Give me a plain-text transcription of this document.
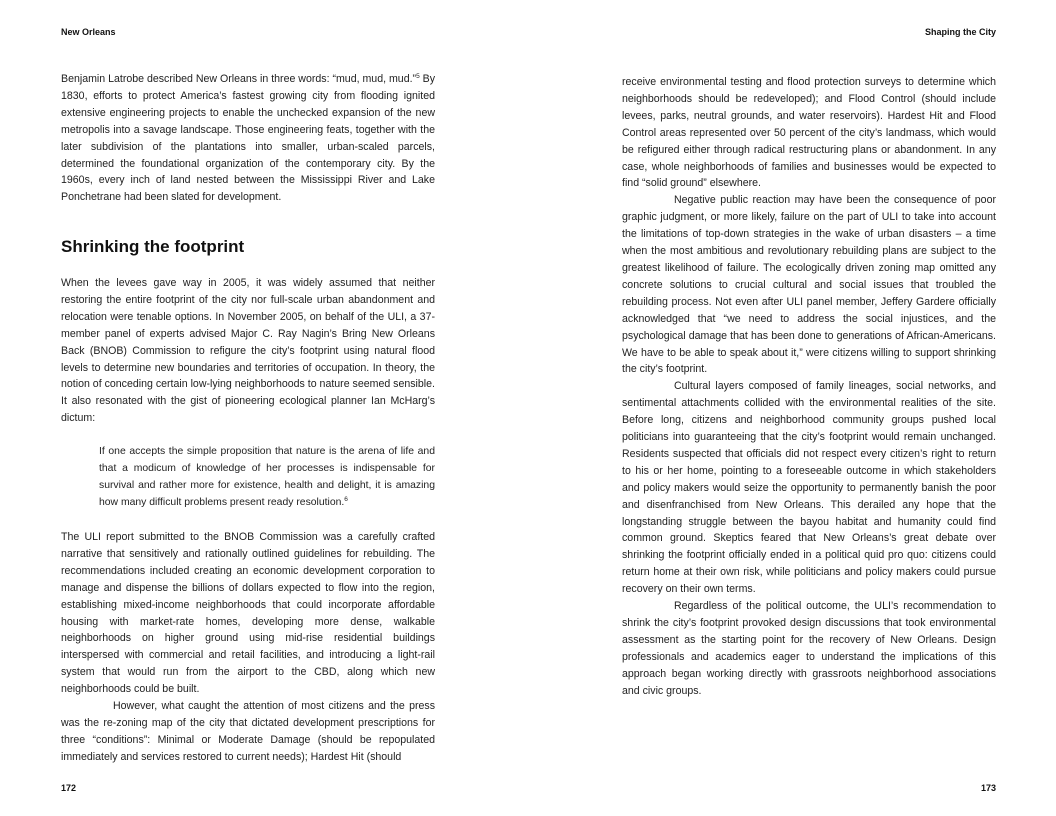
New Orleans

Benjamin Latrobe described New Orleans in three words: “mud, mud, mud.”$^5$ By 1830, efforts to protect America’s fastest growing city from flooding ignited extensive engineering projects to enable the unchecked expansion of the new metropolis into a savage landscape. Those engineering feats, together with the later subdivision of the plantations into smaller, urban-scaled parcels, determined the foundational organization of the contemporary city. By the 1960s, every inch of land nested between the Mississippi River and Lake Ponchetrane had been slated for development.

Shrinking the footprint

When the levees gave way in 2005, it was widely assumed that neither restoring the entire footprint of the city nor full-scale urban abandonment and relocation were tenable options. In November 2005, on behalf of the ULI, a 37-member panel of experts advised Major C. Ray Nagin’s Bring New Orleans Back (BNOB) Commission to refigure the city’s footprint using natural flood levels to determine new boundaries and territories of occupation. In theory, the notion of conceding certain low-lying neighborhoods to nature seemed sensible. It also resonated with the gist of pioneering ecological planner Ian McHarg’s dictum:

If one accepts the simple proposition that nature is the arena of life and that a modicum of knowledge of her processes is indispensable for survival and rather more for existence, health and delight, it is amazing how many difficult problems present ready resolution.$^6$

The ULI report submitted to the BNOB Commission was a carefully crafted narrative that sensitively and rationally outlined guidelines for rebuilding. The recommendations included creating an economic development corporation to manage and dispense the billions of dollars expected to flow into the region, establishing mixed-income neighborhoods that could incorporate affordable housing with market-rate homes, developing more dense, walkable neighborhoods on higher ground using mid-rise residential buildings interspersed with commercial and retail facilities, and introducing a light-rail system that would run from the airport to the CBD, along which new neighborhoods could be built.

However, what caught the attention of most citizens and the press was the re-zoning map of the city that dictated development prescriptions for three “conditions”: Minimal or Moderate Damage (should be repopulated immediately and services restored to current needs); Hardest Hit (should

172
Shaping the City

receive environmental testing and flood protection surveys to determine which neighborhoods should be redeveloped); and Flood Control (should include levees, parks, neutral grounds, and water reservoirs). Hardest Hit and Flood Control areas represented over 50 percent of the city’s landmass, which would be refigured either through radical restructuring plans or abandonment. In any case, whole neighborhoods of families and businesses would be expected to find “solid ground” elsewhere.

Negative public reaction may have been the consequence of poor graphic judgment, or more likely, failure on the part of ULI to take into account the limitations of top-down strategies in the wake of urban disasters – a time when the most ambitious and revolutionary rebuilding plans are subject to the greatest likelihood of failure. The ecologically driven zoning map omitted any concrete solutions to crucial cultural and social issues that troubled the rebuilding process. Not even after ULI panel member, Jeffery Gardere officially acknowledged that “we need to address the social injustices, and the psychological damage that has been done to generations of African-Americans. We have to be able to speak about it,” were citizens willing to support shrinking the city’s footprint.

Cultural layers composed of family lineages, social networks, and sentimental attachments collided with the environmental realities of the site. Before long, citizens and neighborhood community groups pushed local politicians into guaranteeing that the city’s footprint would remain unchanged. Residents suspected that officials did not respect every citizen’s right to return to his or her home, pointing to a foreseeable outcome in which stakeholders and policy makers would seize the opportunity to permanently banish the poor and disenfranchised from New Orleans. This derailed any hope that the longstanding struggle between the bayou habitat and humanity could find common ground. Skeptics feared that New Orleans’s great debate over shrinking the footprint officially ended in a political quid pro quo: citizens could return home at their own risk, while politicians and policy makers could pursue recovery on their own terms.

Regardless of the political outcome, the ULI’s recommendation to shrink the city’s footprint provoked design discussions that took environmental assessment as the starting point for the recovery of New Orleans. Design professionals and academics eager to understand the implications of this approach began working directly with grassroots neighborhood associations and civic groups.

173
